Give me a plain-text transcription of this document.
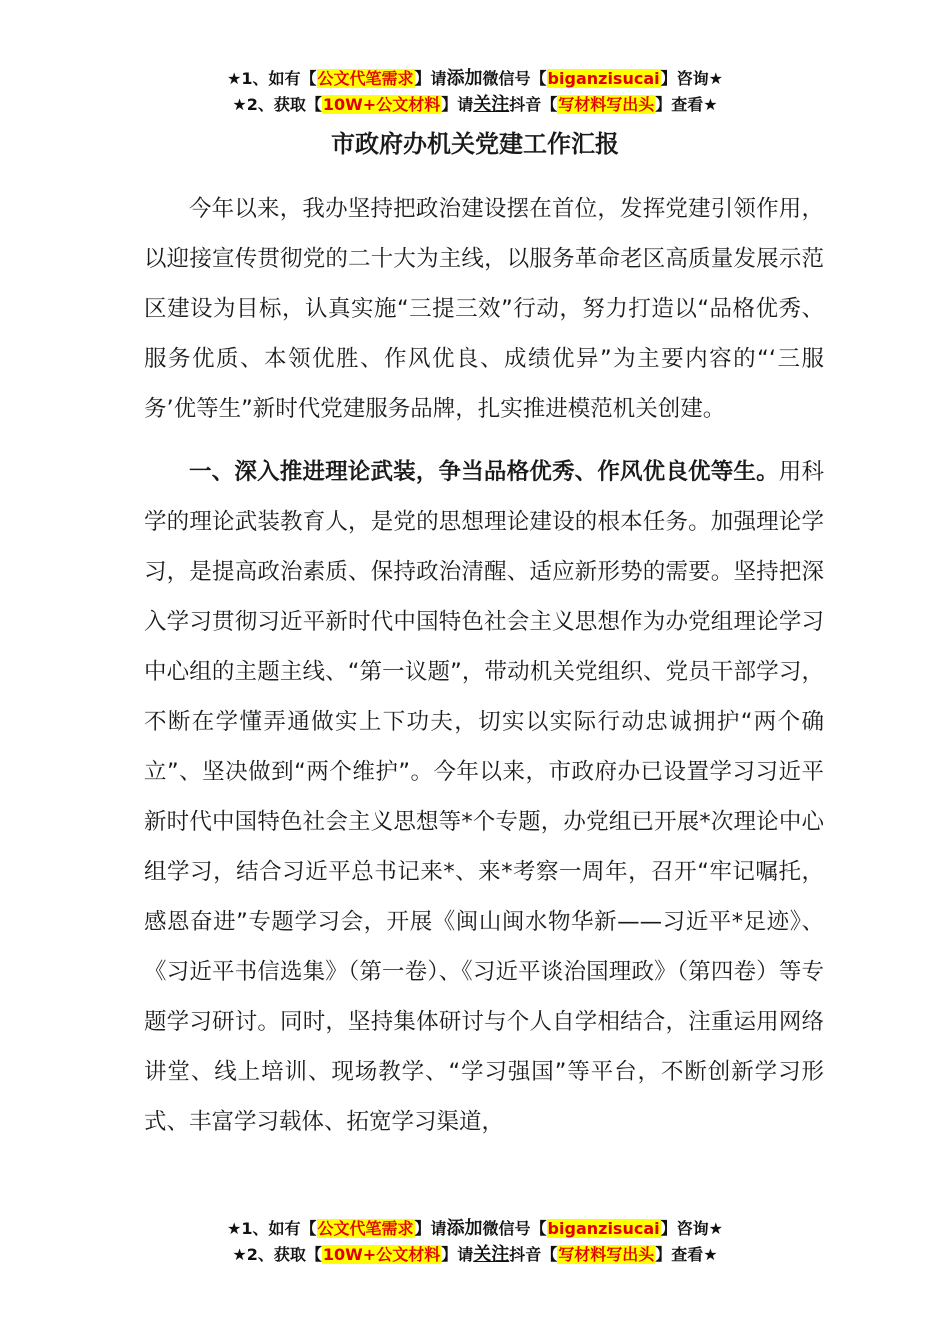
★1、如有【公文代笔需求】请添加微信号【biganzisucai】咨询★
★2、获取【10W+公文材料】请关注抖音【写材料写出头】查看★
市政府办机关党建工作汇报

今年以来，我办坚持把政治建设摆在首位，发挥党建引领作用，以迎接宣传贯彻党的二十大为主线，以服务革命老区高质量发展示范区建设为目标，认真实施“三提三效”行动，努力打造以“品格优秀、服务优质、本领优胜、作风优良、成绩优异”为主要内容的“‘三服务’优等生”新时代党建服务品牌，扎实推进模范机关创建。

一、深入推进理论武装，争当品格优秀、作风优良优等生。用科学的理论武装教育人，是党的思想理论建设的根本任务。加强理论学习，是提高政治素质、保持政治清醒、适应新形势的需要。坚持把深入学习贯彻习近平新时代中国特色社会主义思想作为办党组理论学习中心组的主题主线、“第一议题”，带动机关党组织、党员干部学习，不断在学懂弄通做实上下功夫，切实以实际行动忠诚拥护“两个确立”、坚决做到“两个维护”。今年以来，市政府办已设置学习习近平新时代中国特色社会主义思想等*个专题，办党组已开展*次理论中心组学习，结合习近平总书记来*、来*考察一周年，召开“牢记嘱托，感恩奋进”专题学习会，开展《闽山闽水物华新——习近平*足迹》、《习近平书信选集》（第一卷）、《习近平谈治国理政》（第四卷）等专题学习研讨。同时，坚持集体研讨与个人自学相结合，注重运用网络讲堂、线上培训、现场教学、“学习强国”等平台，不断创新学习形式、丰富学习载体、拓宽学习渠道，

★1、如有【公文代笔需求】请添加微信号【biganzisucai】咨询★
★2、获取【10W+公文材料】请关注抖音【写材料写出头】查看★
